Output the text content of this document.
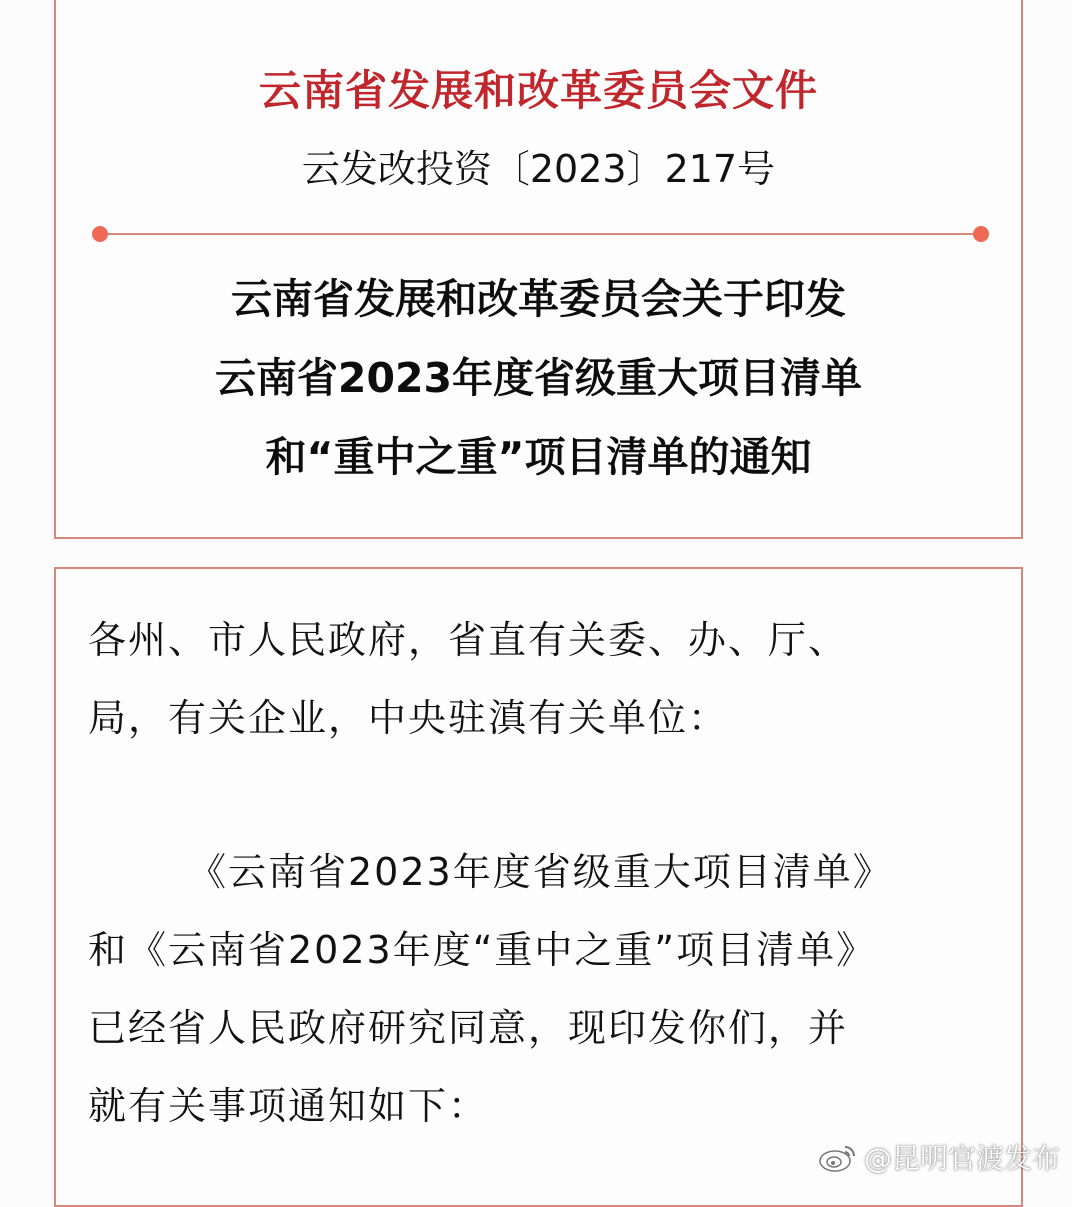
云南省发展和改革委员会文件
云发改投资〔2023〕217号
云南省发展和改革委员会关于印发
云南省2023年度省级重大项目清单
和“重中之重”项目清单的通知
各州、市人民政府，省直有关委、办、厅、
局，有关企业，中央驻滇有关单位：
《云南省2023年度省级重大项目清单》
和《云南省2023年度“重中之重”项目清单》
已经省人民政府研究同意，现印发你们，并
就有关事项通知如下：
@昆明官渡发布
